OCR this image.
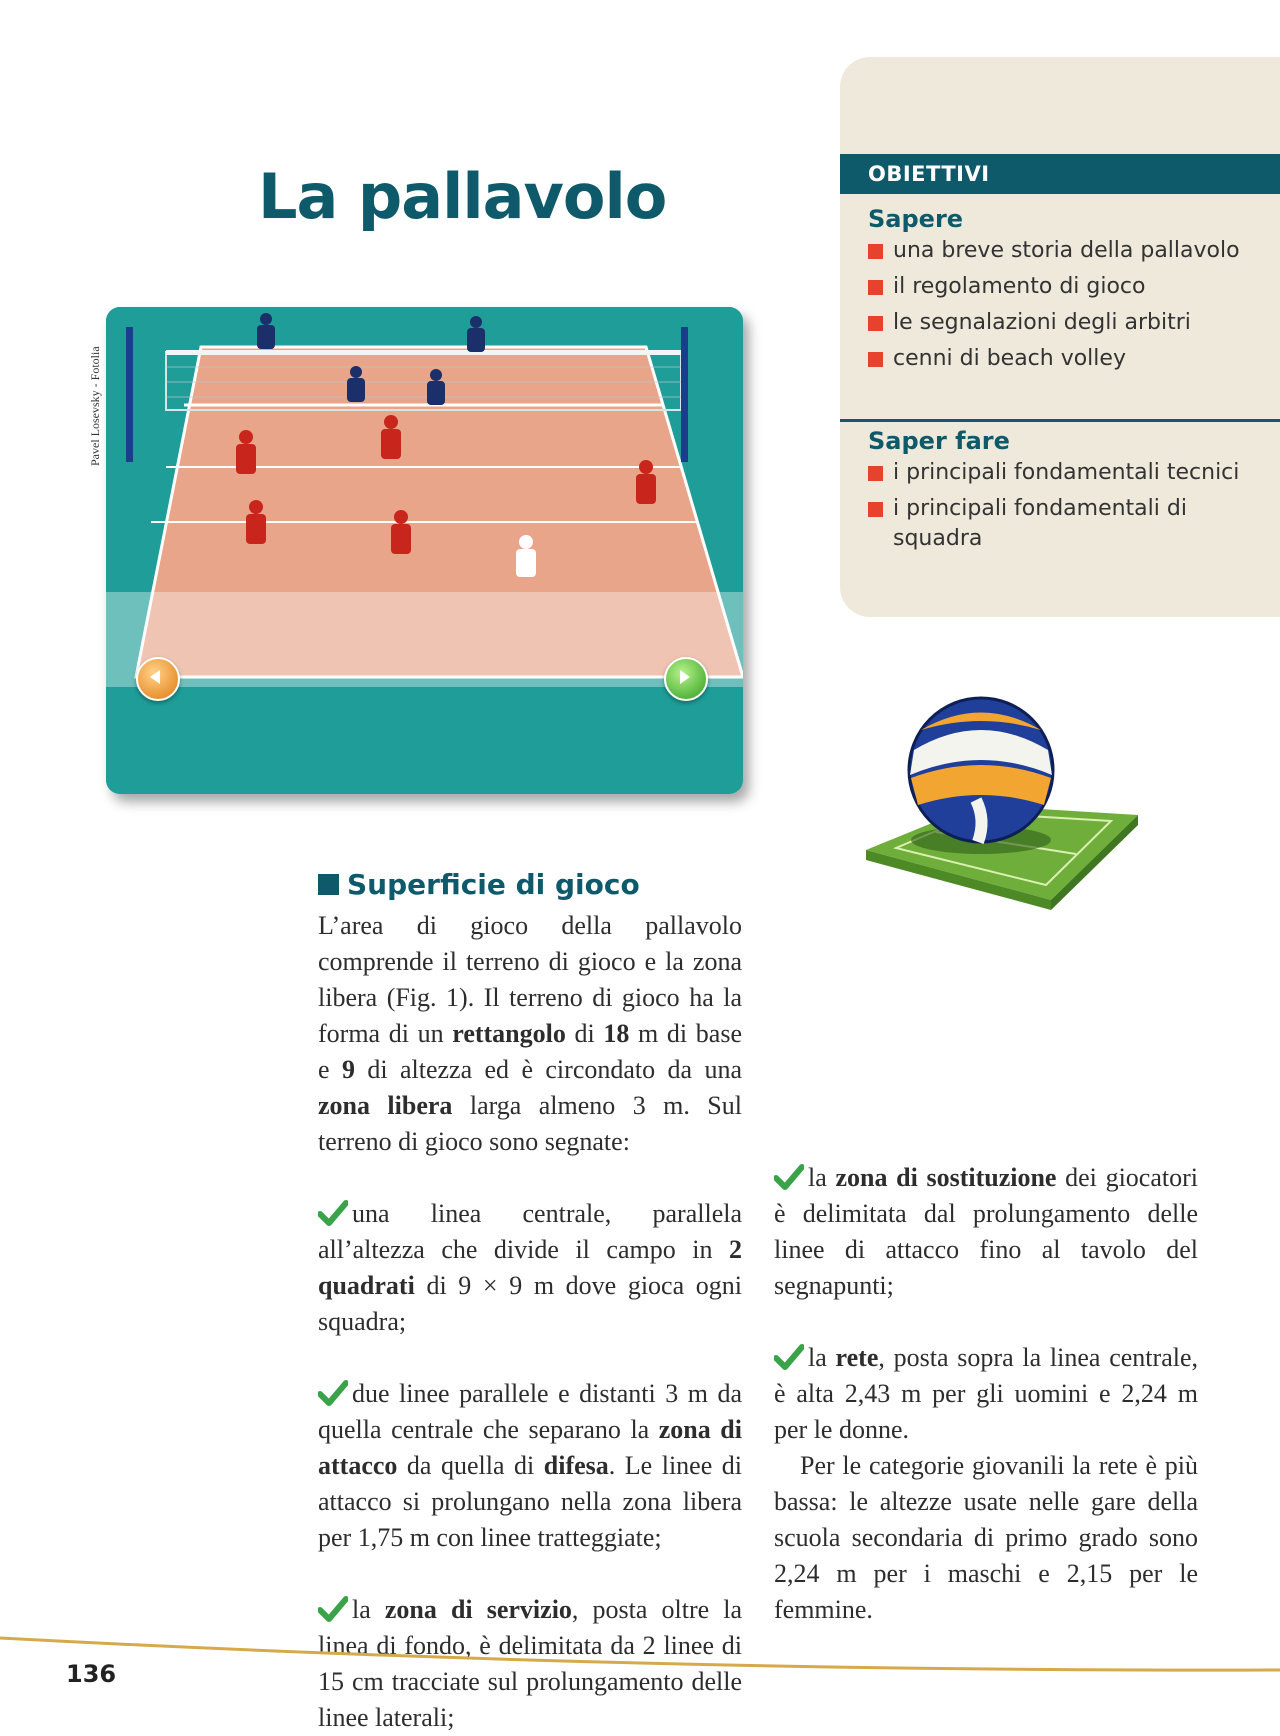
La pallavolo
Pavel Losevsky - Fotolia
OBIETTIVI
Sapere
una breve storia della pallavolo
il regolamento di gioco
le segnalazioni degli arbitri
cenni di beach volley
Saper fare
i principali fondamentali tecnici
i principali fondamentali di squadra
Superficie di gioco

L’area di gioco della pallavolo comprende il terreno di gioco e la zona libera (Fig. 1). Il terreno di gioco ha la forma di un rettangolo di 18 m di base e 9 di altezza ed è circondato da una zona libera larga almeno 3 m. Sul terreno di gioco sono segnate:

una linea centrale, parallela all’altezza che divide il campo in 2 quadrati di 9 × 9 m dove gioca ogni squadra;

due linee parallele e distanti 3 m da quella centrale che separano la zona di attacco da quella di difesa. Le linee di attacco si prolungano nella zona libera per 1,75 m con linee tratteggiate;

la zona di servizio, posta oltre la linea di fondo, è delimitata da 2 linee di 15 cm tracciate sul prolungamento delle linee laterali;

la zona di sostituzione dei giocatori è delimitata dal prolungamento delle linee di attacco fino al tavolo del segnapunti;

la rete, posta sopra la linea centrale, è alta 2,43 m per gli uomini e 2,24 m per le donne.

Per le categorie giovanili la rete è più bassa: le altezze usate nelle gare della scuola secondaria di primo grado sono 2,24 m per i maschi e 2,15 per le femmine.

136
